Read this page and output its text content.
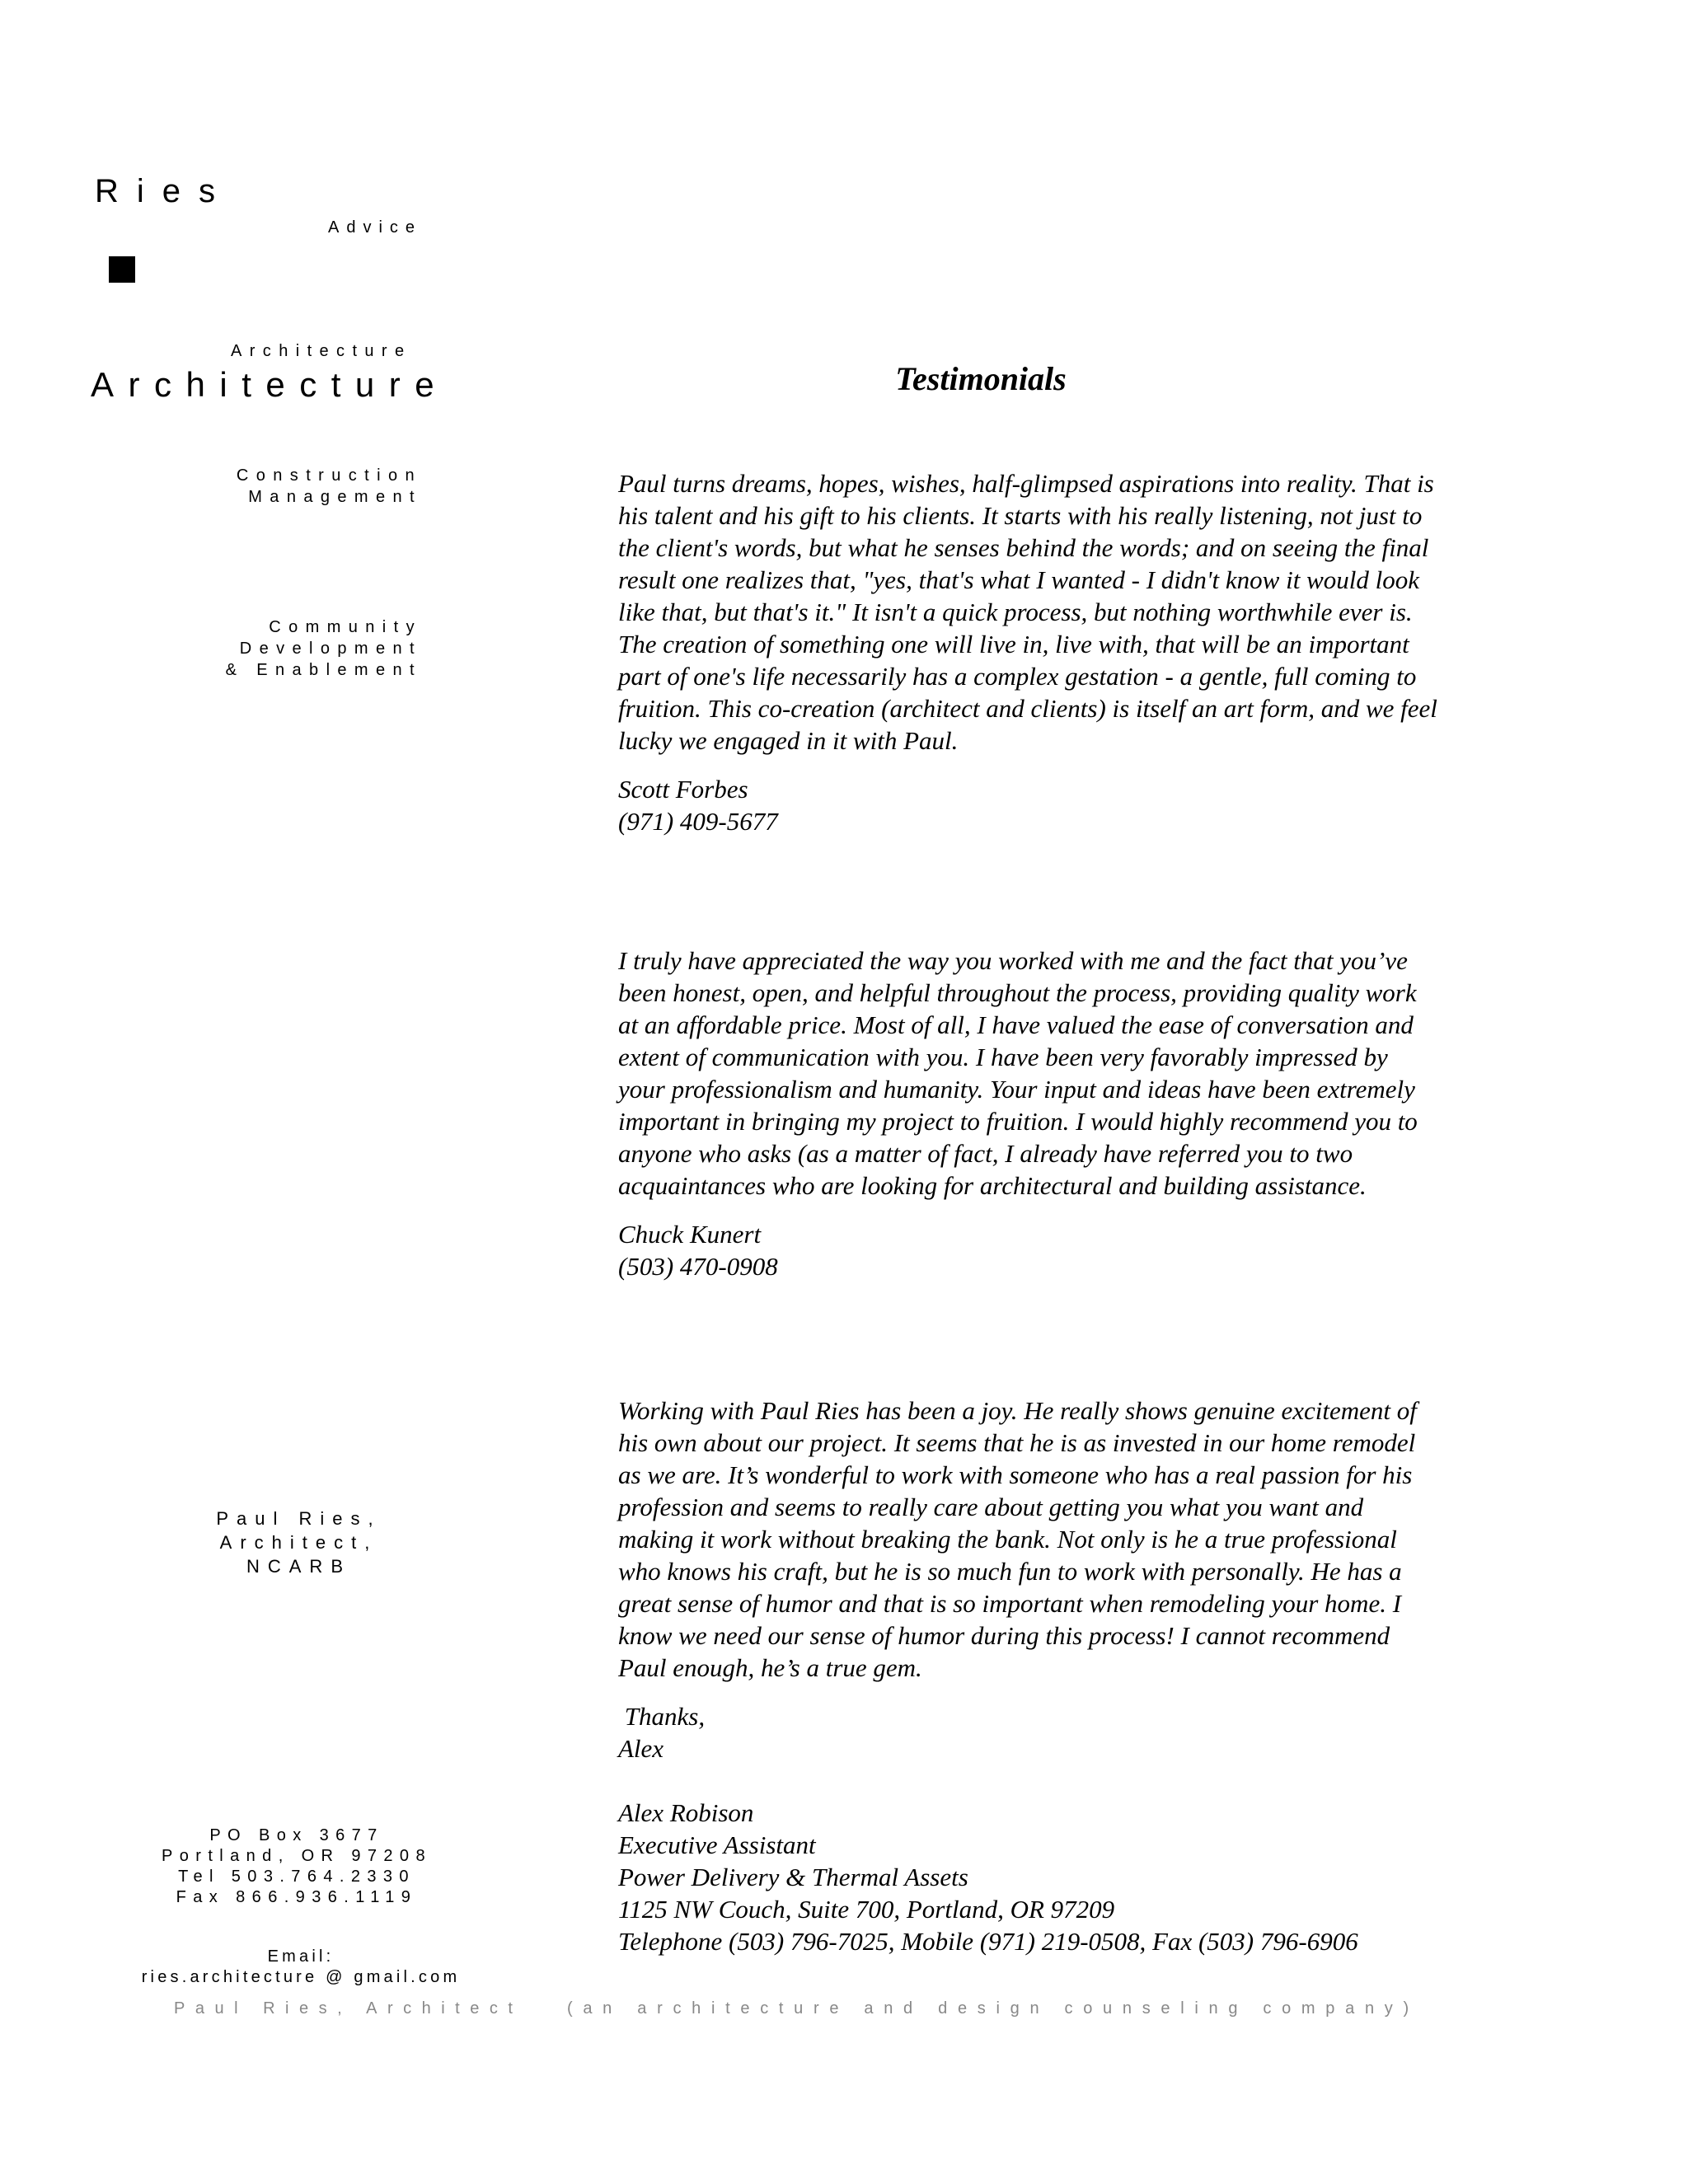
Ries
Advice
Architecture
Architecture
Construction
Management
Community
Development
& Enablement
Paul Ries,
Architect,
NCARB
PO Box 3677
Portland, OR 97208
Tel 503.764.2330
Fax 866.936.1119
Email:
ries.architecture @ gmail.com
Testimonials
Paul turns dreams, hopes, wishes, half-glimpsed aspirations into reality. That is
his talent and his gift to his clients. It starts with his really listening, not just to
the client's words, but what he senses behind the words; and on seeing the final
result one realizes that, "yes, that's what I wanted - I didn't know it would look
like that, but that's it." It isn't a quick process, but nothing worthwhile ever is.
The creation of something one will live in, live with, that will be an important
part of one's life necessarily has a complex gestation - a gentle, full coming to
fruition. This co-creation (architect and clients) is itself an art form, and we feel
lucky we engaged in it with Paul.
Scott Forbes
(971) 409-5677
I truly have appreciated the way you worked with me and the fact that you’ve
been honest, open, and helpful throughout the process, providing quality work
at an affordable price. Most of all, I have valued the ease of conversation and
extent of communication with you. I have been very favorably impressed by
your professionalism and humanity. Your input and ideas have been extremely
important in bringing my project to fruition. I would highly recommend you to
anyone who asks (as a matter of fact, I already have referred you to two
acquaintances who are looking for architectural and building assistance.
Chuck Kunert
(503) 470-0908
Working with Paul Ries has been a joy. He really shows genuine excitement of
his own about our project. It seems that he is as invested in our home remodel
as we are. It’s wonderful to work with someone who has a real passion for his
profession and seems to really care about getting you what you want and
making it work without breaking the bank. Not only is he a true professional
who knows his craft, but he is so much fun to work with personally. He has a
great sense of humor and that is so important when remodeling your home. I
know we need our sense of humor during this process! I cannot recommend
Paul enough, he’s a true gem.
Thanks,
Alex
Alex Robison
Executive Assistant
Power Delivery & Thermal Assets
1125 NW Couch, Suite 700, Portland, OR 97209
Telephone (503) 796-7025, Mobile (971) 219-0508, Fax (503) 796-6906
Paul Ries, Architect	(an architecture and design counseling company)
